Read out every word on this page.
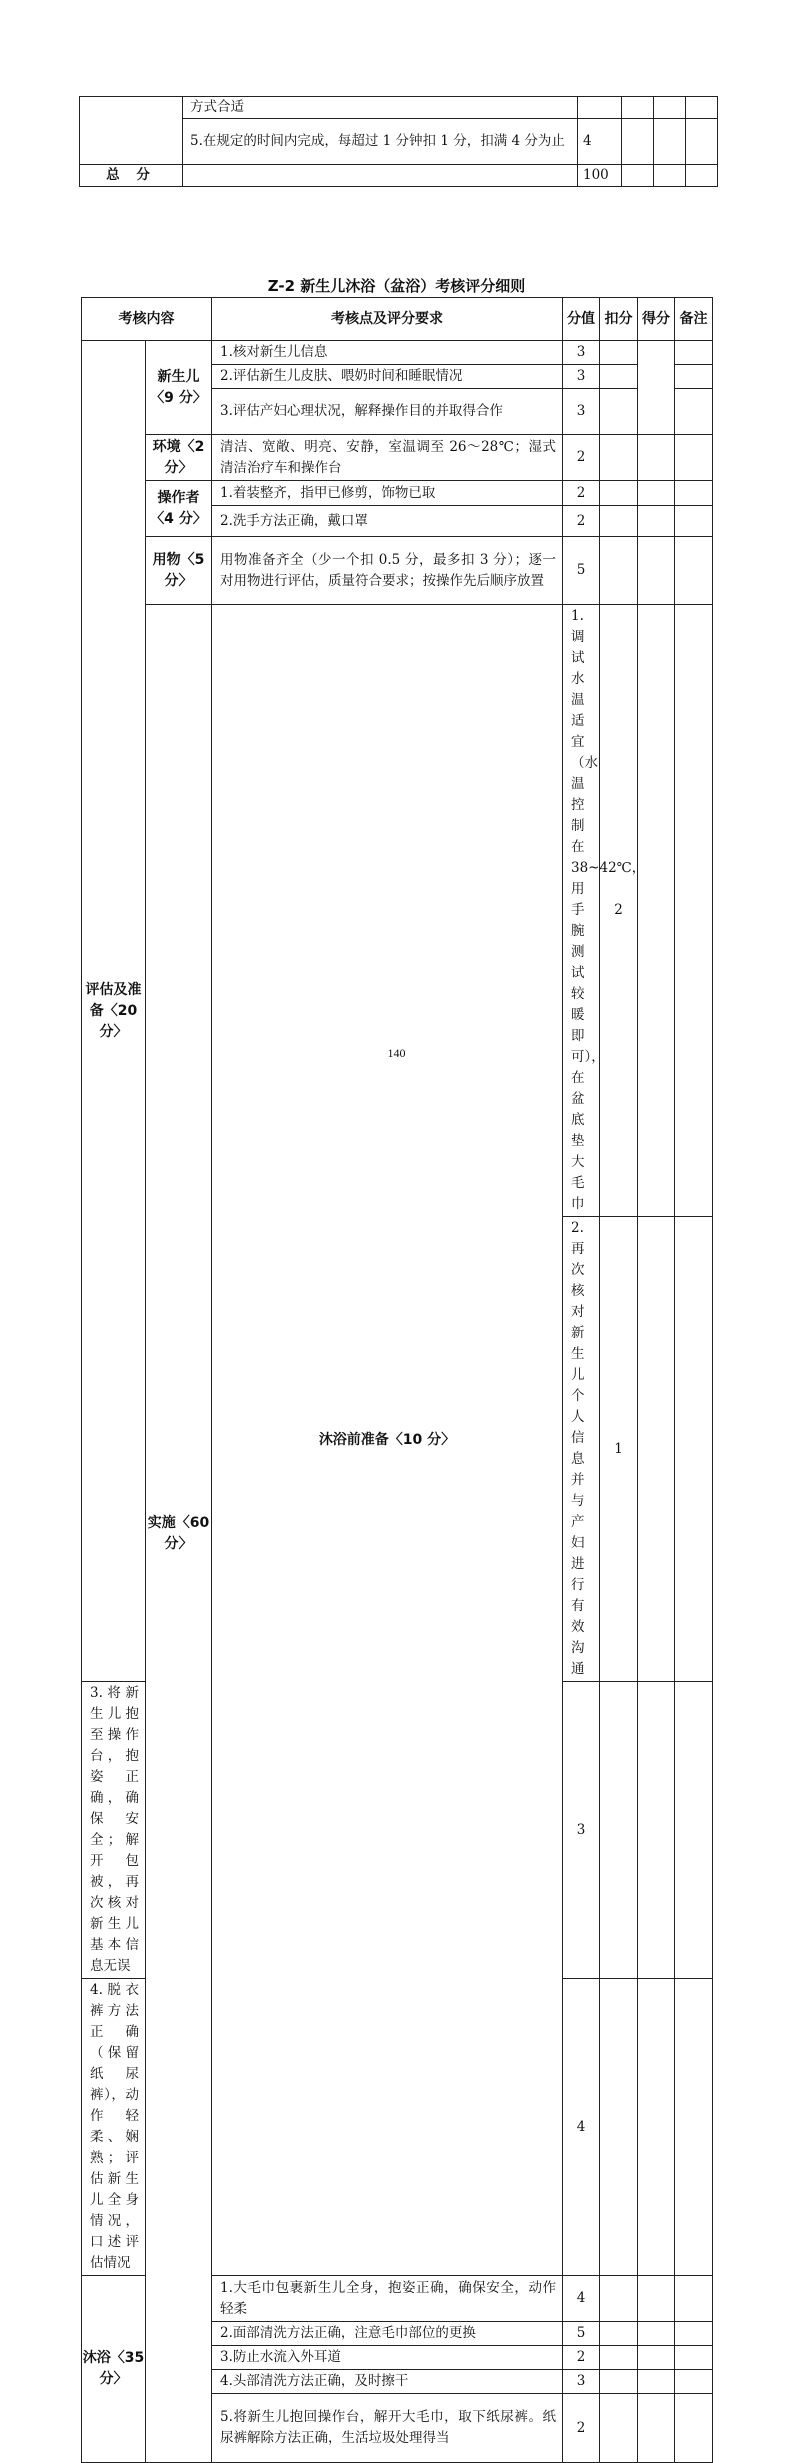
	方式合适				
	5.在规定的时间内完成，每超过 1 分钟扣 1 分，扣满 4 分为止	4			
总 分		100			
Z-2 新生儿沐浴（盆浴）考核评分细则
考核内容		考核点及评分要求	分值	扣分	得分	备注	
评估及准备〈20 分〉	新生儿〈9 分〉	1.核对新生儿信息	3				
		2.评估新生儿皮肤、喂奶时间和睡眠情况	3				
		3.评估产妇心理状况，解释操作目的并取得合作	3				
	环境〈2 分〉	清洁、宽敞、明亮、安静，室温调至 26～28℃；湿式清洁治疗车和操作台	2				
	操作者〈4 分〉	1.着装整齐，指甲已修剪，饰物已取	2				
		2.洗手方法正确，戴口罩	2				
	用物〈5 分〉	用物准备齐全（少一个扣 0.5 分，最多扣 3 分）；逐一对用物进行评估，质量符合要求；按操作先后顺序放置	5				
	实施〈60 分〉	沐浴前准备〈10 分〉	1.调试水温适宜（水温控制在 38~42℃，用手腕测试较暖即可），在盆底垫大毛巾	2			
			2.再次核对新生儿个人信息并与产妇进行有效沟通	1			
3.将新生儿抱至操作台，抱姿正确，确保安全；解开包被，再次核对新生儿基本信息无误			3				
4.脱衣裤方法正确（保留纸尿裤），动作轻柔、娴熟；评估新生儿全身情况，口述评估情况			4				
沐浴〈35 分〉		1.大毛巾包裹新生儿全身，抱姿正确，确保安全，动作轻柔	4				
		2.面部清洗方法正确，注意毛巾部位的更换	5				
		3.防止水流入外耳道	2				
		4.头部清洗方法正确，及时擦干	3				
		5.将新生儿抱回操作台，解开大毛巾，取下纸尿裤。纸尿裤解除方法正确，生活垃圾处理得当	2				
140
